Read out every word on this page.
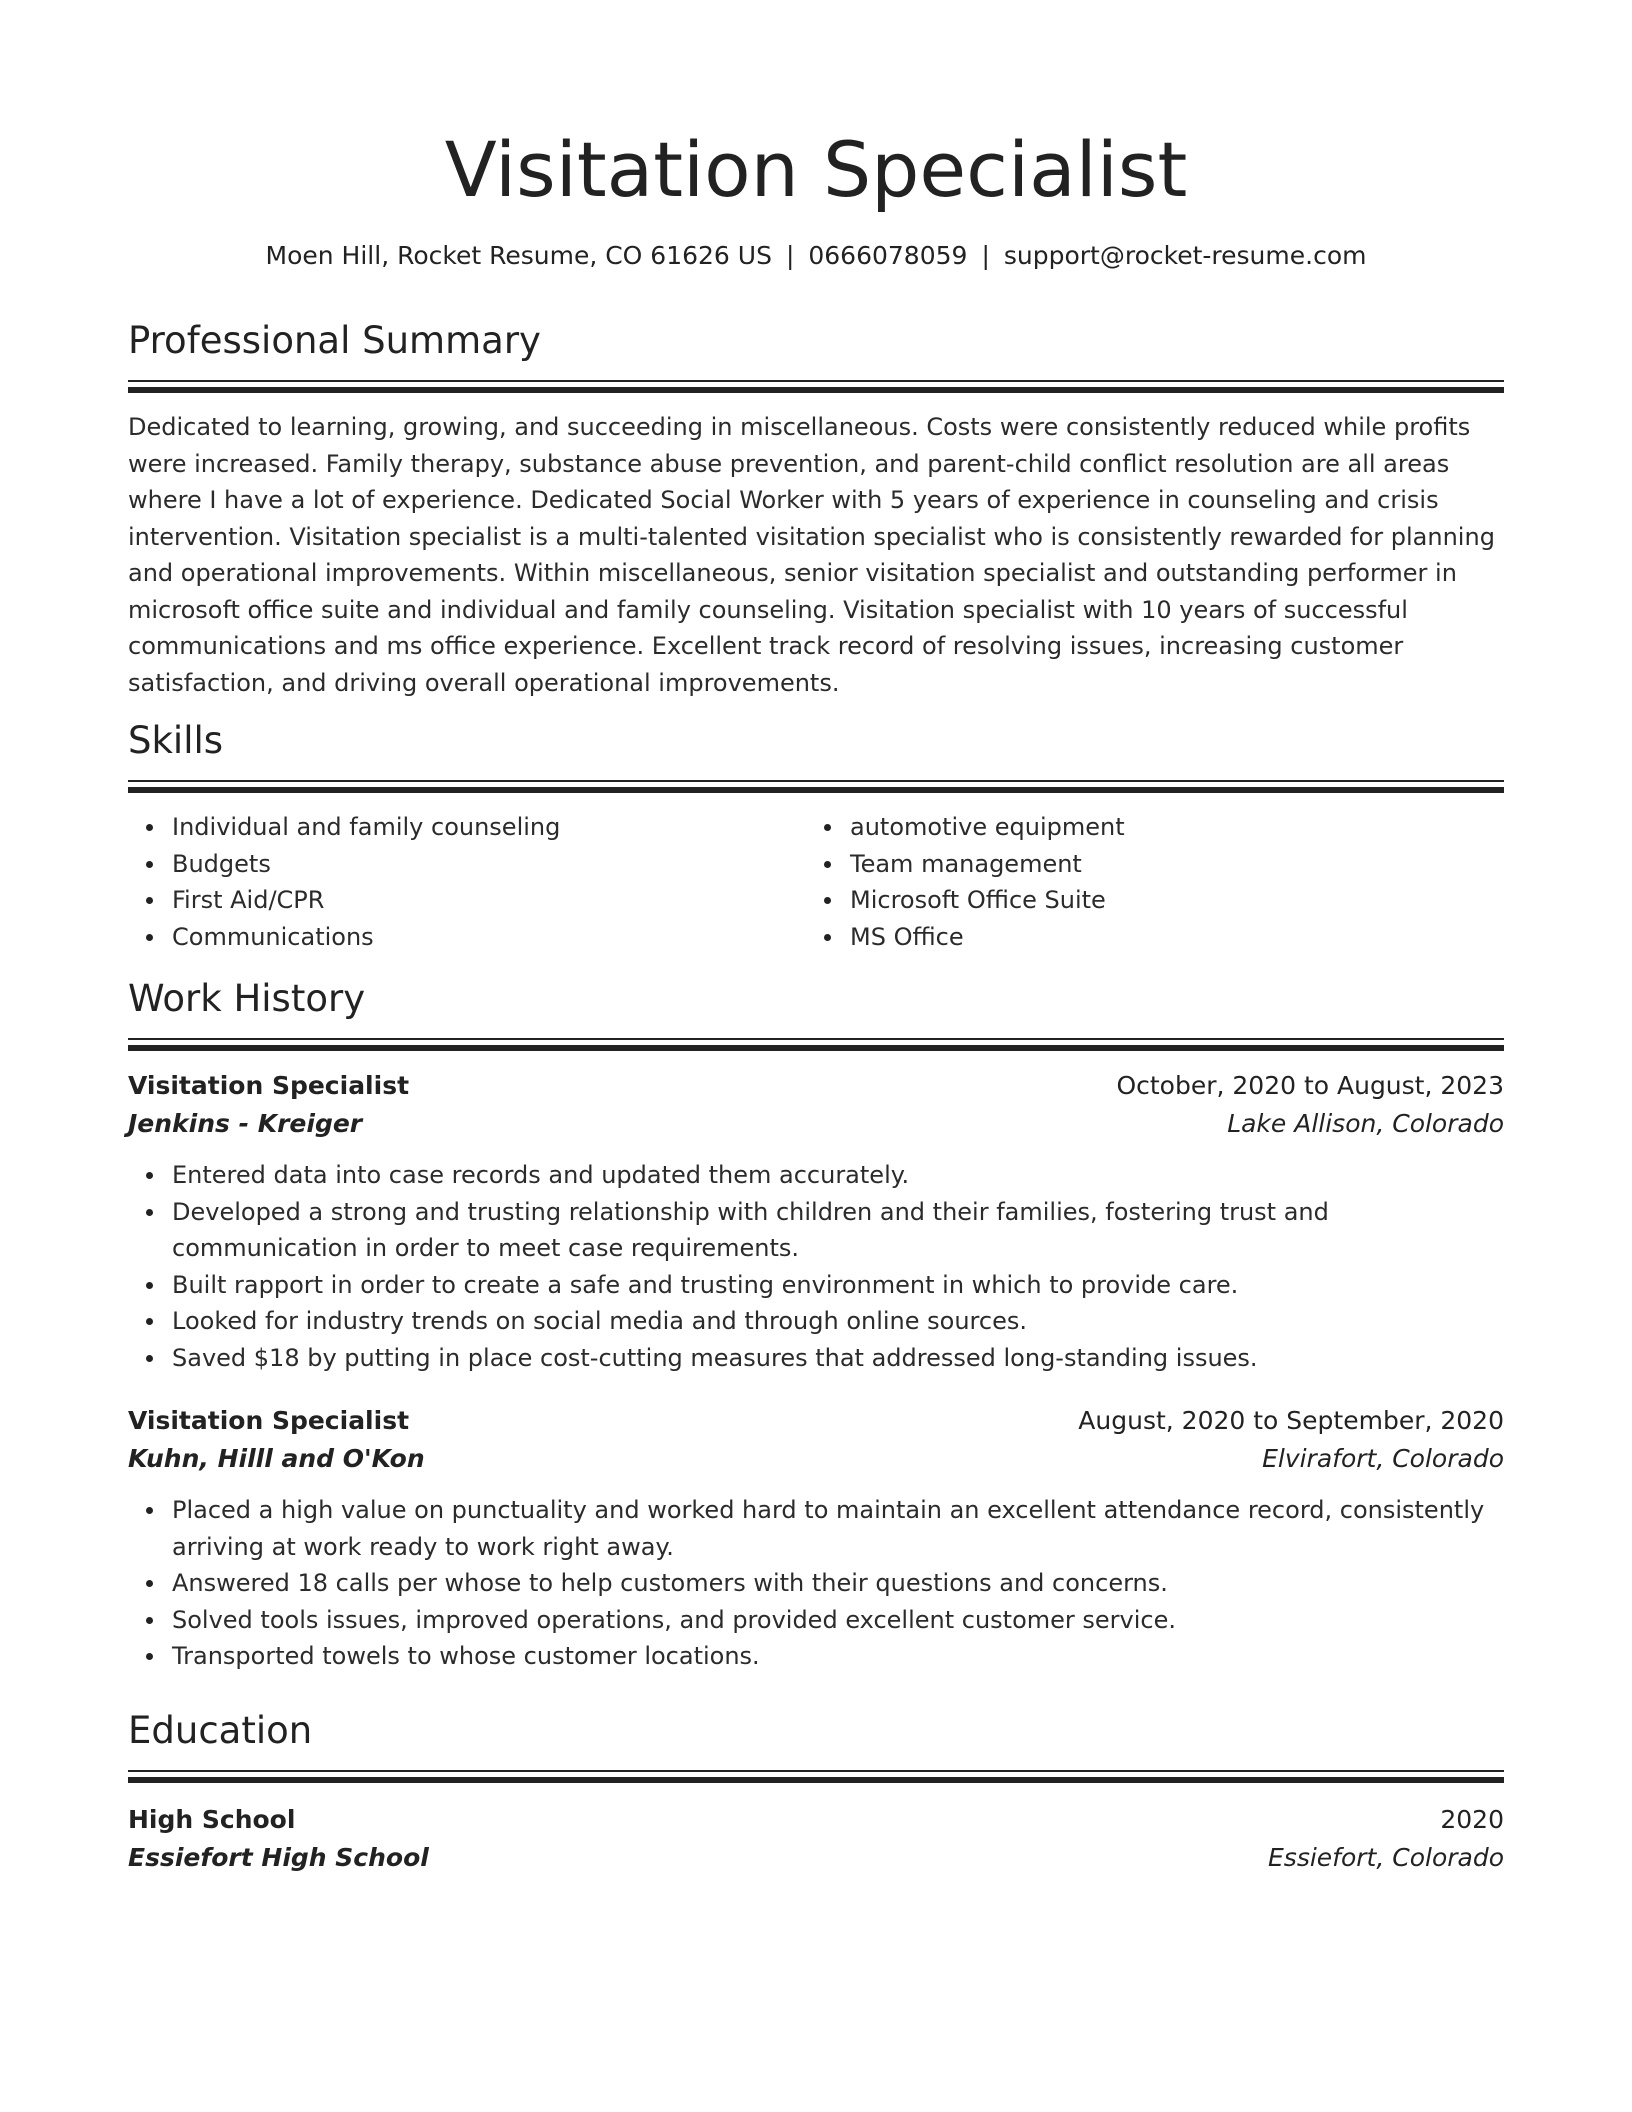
Visitation Specialist
Moen Hill, Rocket Resume, CO 61626 US | 0666078059 | support@rocket-resume.com
Professional Summary

Dedicated to learning, growing, and succeeding in miscellaneous. Costs were consistently reduced while profits were increased. Family therapy, substance abuse prevention, and parent-child conflict resolution are all areas where I have a lot of experience. Dedicated Social Worker with 5 years of experience in counseling and crisis intervention. Visitation specialist is a multi-talented visitation specialist who is consistently rewarded for planning and operational improvements. Within miscellaneous, senior visitation specialist and outstanding performer in microsoft office suite and individual and family counseling. Visitation specialist with 10 years of successful communications and ms office experience. Excellent track record of resolving issues, increasing customer satisfaction, and driving overall operational improvements.

Skills
Individual and family counseling
Budgets
First Aid/CPR
Communications
automotive equipment
Team management
Microsoft Office Suite
MS Office
Work History
Visitation Specialist	October, 2020 to August, 2023
Jenkins - Kreiger	Lake Allison, Colorado
Entered data into case records and updated them accurately.
Developed a strong and trusting relationship with children and their families, fostering trust and communication in order to meet case requirements.
Built rapport in order to create a safe and trusting environment in which to provide care.
Looked for industry trends on social media and through online sources.
Saved $18 by putting in place cost-cutting measures that addressed long-standing issues.
Visitation Specialist	August, 2020 to September, 2020
Kuhn, Hilll and O'Kon	Elvirafort, Colorado
Placed a high value on punctuality and worked hard to maintain an excellent attendance record, consistently arriving at work ready to work right away.
Answered 18 calls per whose to help customers with their questions and concerns.
Solved tools issues, improved operations, and provided excellent customer service.
Transported towels to whose customer locations.
Education
High School	2020
Essiefort High School	Essiefort, Colorado
